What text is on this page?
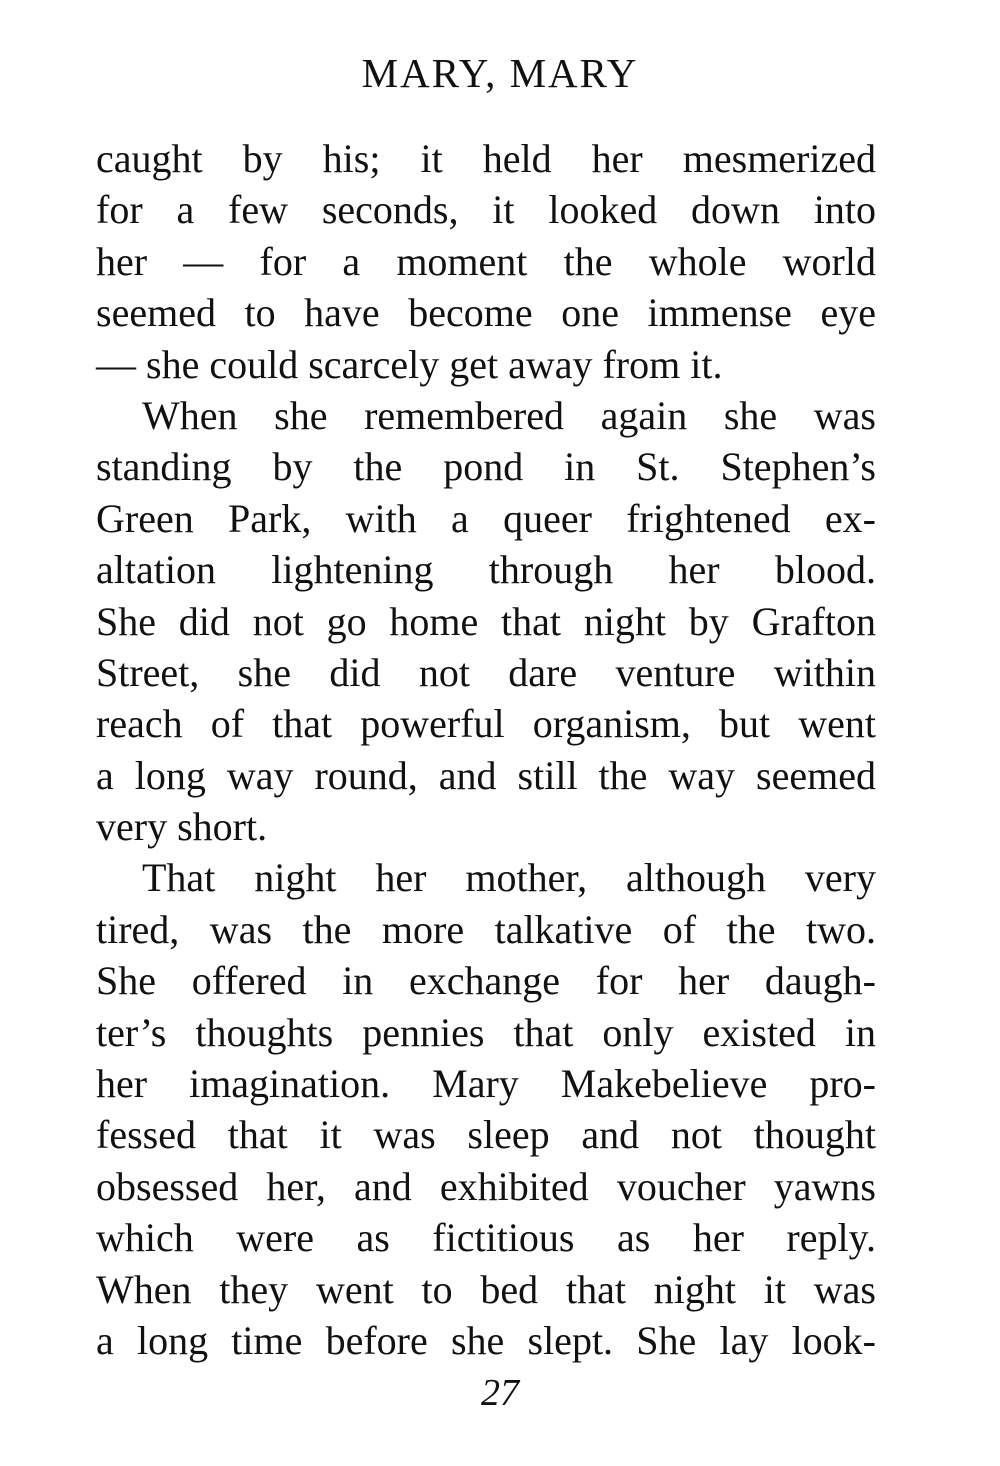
MARY, MARY
caught by his; it held her mesmerized
for a few seconds, it looked down into
her — for a moment the whole world
seemed to have become one immense eye
— she could scarcely get away from it.
When she remembered again she was
standing by the pond in St. Stephen’s
Green Park, with a queer frightened ex-
altation lightening through her blood.
She did not go home that night by Grafton
Street, she did not dare venture within
reach of that powerful organism, but went
a long way round, and still the way seemed
very short.
That night her mother, although very
tired, was the more talkative of the two.
She offered in exchange for her daugh-
ter’s thoughts pennies that only existed in
her imagination. Mary Makebelieve pro-
fessed that it was sleep and not thought
obsessed her, and exhibited voucher yawns
which were as fictitious as her reply.
When they went to bed that night it was
a long time before she slept. She lay look-
27
